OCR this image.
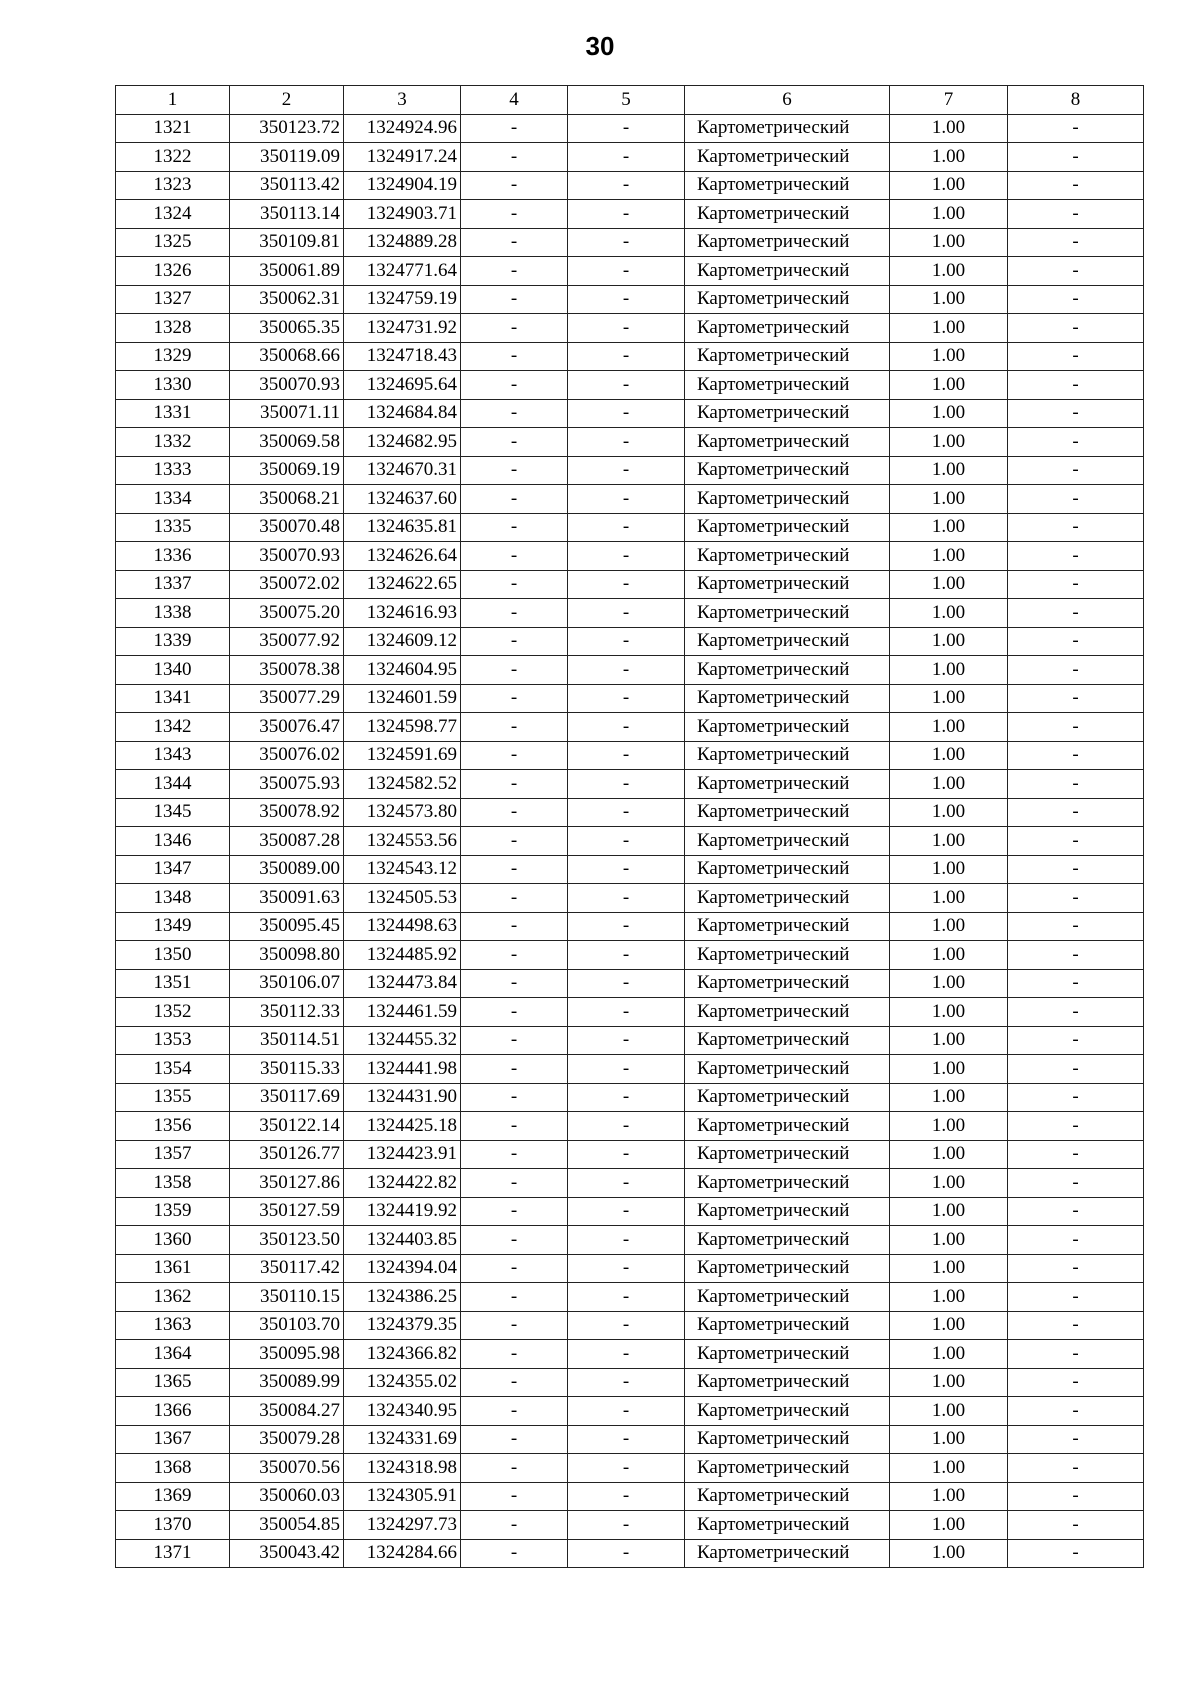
30
1	2	3	4	5	6	7	8
1321	350123.72	1324924.96	-	-	Картометрический	1.00	-
1322	350119.09	1324917.24	-	-	Картометрический	1.00	-
1323	350113.42	1324904.19	-	-	Картометрический	1.00	-
1324	350113.14	1324903.71	-	-	Картометрический	1.00	-
1325	350109.81	1324889.28	-	-	Картометрический	1.00	-
1326	350061.89	1324771.64	-	-	Картометрический	1.00	-
1327	350062.31	1324759.19	-	-	Картометрический	1.00	-
1328	350065.35	1324731.92	-	-	Картометрический	1.00	-
1329	350068.66	1324718.43	-	-	Картометрический	1.00	-
1330	350070.93	1324695.64	-	-	Картометрический	1.00	-
1331	350071.11	1324684.84	-	-	Картометрический	1.00	-
1332	350069.58	1324682.95	-	-	Картометрический	1.00	-
1333	350069.19	1324670.31	-	-	Картометрический	1.00	-
1334	350068.21	1324637.60	-	-	Картометрический	1.00	-
1335	350070.48	1324635.81	-	-	Картометрический	1.00	-
1336	350070.93	1324626.64	-	-	Картометрический	1.00	-
1337	350072.02	1324622.65	-	-	Картометрический	1.00	-
1338	350075.20	1324616.93	-	-	Картометрический	1.00	-
1339	350077.92	1324609.12	-	-	Картометрический	1.00	-
1340	350078.38	1324604.95	-	-	Картометрический	1.00	-
1341	350077.29	1324601.59	-	-	Картометрический	1.00	-
1342	350076.47	1324598.77	-	-	Картометрический	1.00	-
1343	350076.02	1324591.69	-	-	Картометрический	1.00	-
1344	350075.93	1324582.52	-	-	Картометрический	1.00	-
1345	350078.92	1324573.80	-	-	Картометрический	1.00	-
1346	350087.28	1324553.56	-	-	Картометрический	1.00	-
1347	350089.00	1324543.12	-	-	Картометрический	1.00	-
1348	350091.63	1324505.53	-	-	Картометрический	1.00	-
1349	350095.45	1324498.63	-	-	Картометрический	1.00	-
1350	350098.80	1324485.92	-	-	Картометрический	1.00	-
1351	350106.07	1324473.84	-	-	Картометрический	1.00	-
1352	350112.33	1324461.59	-	-	Картометрический	1.00	-
1353	350114.51	1324455.32	-	-	Картометрический	1.00	-
1354	350115.33	1324441.98	-	-	Картометрический	1.00	-
1355	350117.69	1324431.90	-	-	Картометрический	1.00	-
1356	350122.14	1324425.18	-	-	Картометрический	1.00	-
1357	350126.77	1324423.91	-	-	Картометрический	1.00	-
1358	350127.86	1324422.82	-	-	Картометрический	1.00	-
1359	350127.59	1324419.92	-	-	Картометрический	1.00	-
1360	350123.50	1324403.85	-	-	Картометрический	1.00	-
1361	350117.42	1324394.04	-	-	Картометрический	1.00	-
1362	350110.15	1324386.25	-	-	Картометрический	1.00	-
1363	350103.70	1324379.35	-	-	Картометрический	1.00	-
1364	350095.98	1324366.82	-	-	Картометрический	1.00	-
1365	350089.99	1324355.02	-	-	Картометрический	1.00	-
1366	350084.27	1324340.95	-	-	Картометрический	1.00	-
1367	350079.28	1324331.69	-	-	Картометрический	1.00	-
1368	350070.56	1324318.98	-	-	Картометрический	1.00	-
1369	350060.03	1324305.91	-	-	Картометрический	1.00	-
1370	350054.85	1324297.73	-	-	Картометрический	1.00	-
1371	350043.42	1324284.66	-	-	Картометрический	1.00	-
